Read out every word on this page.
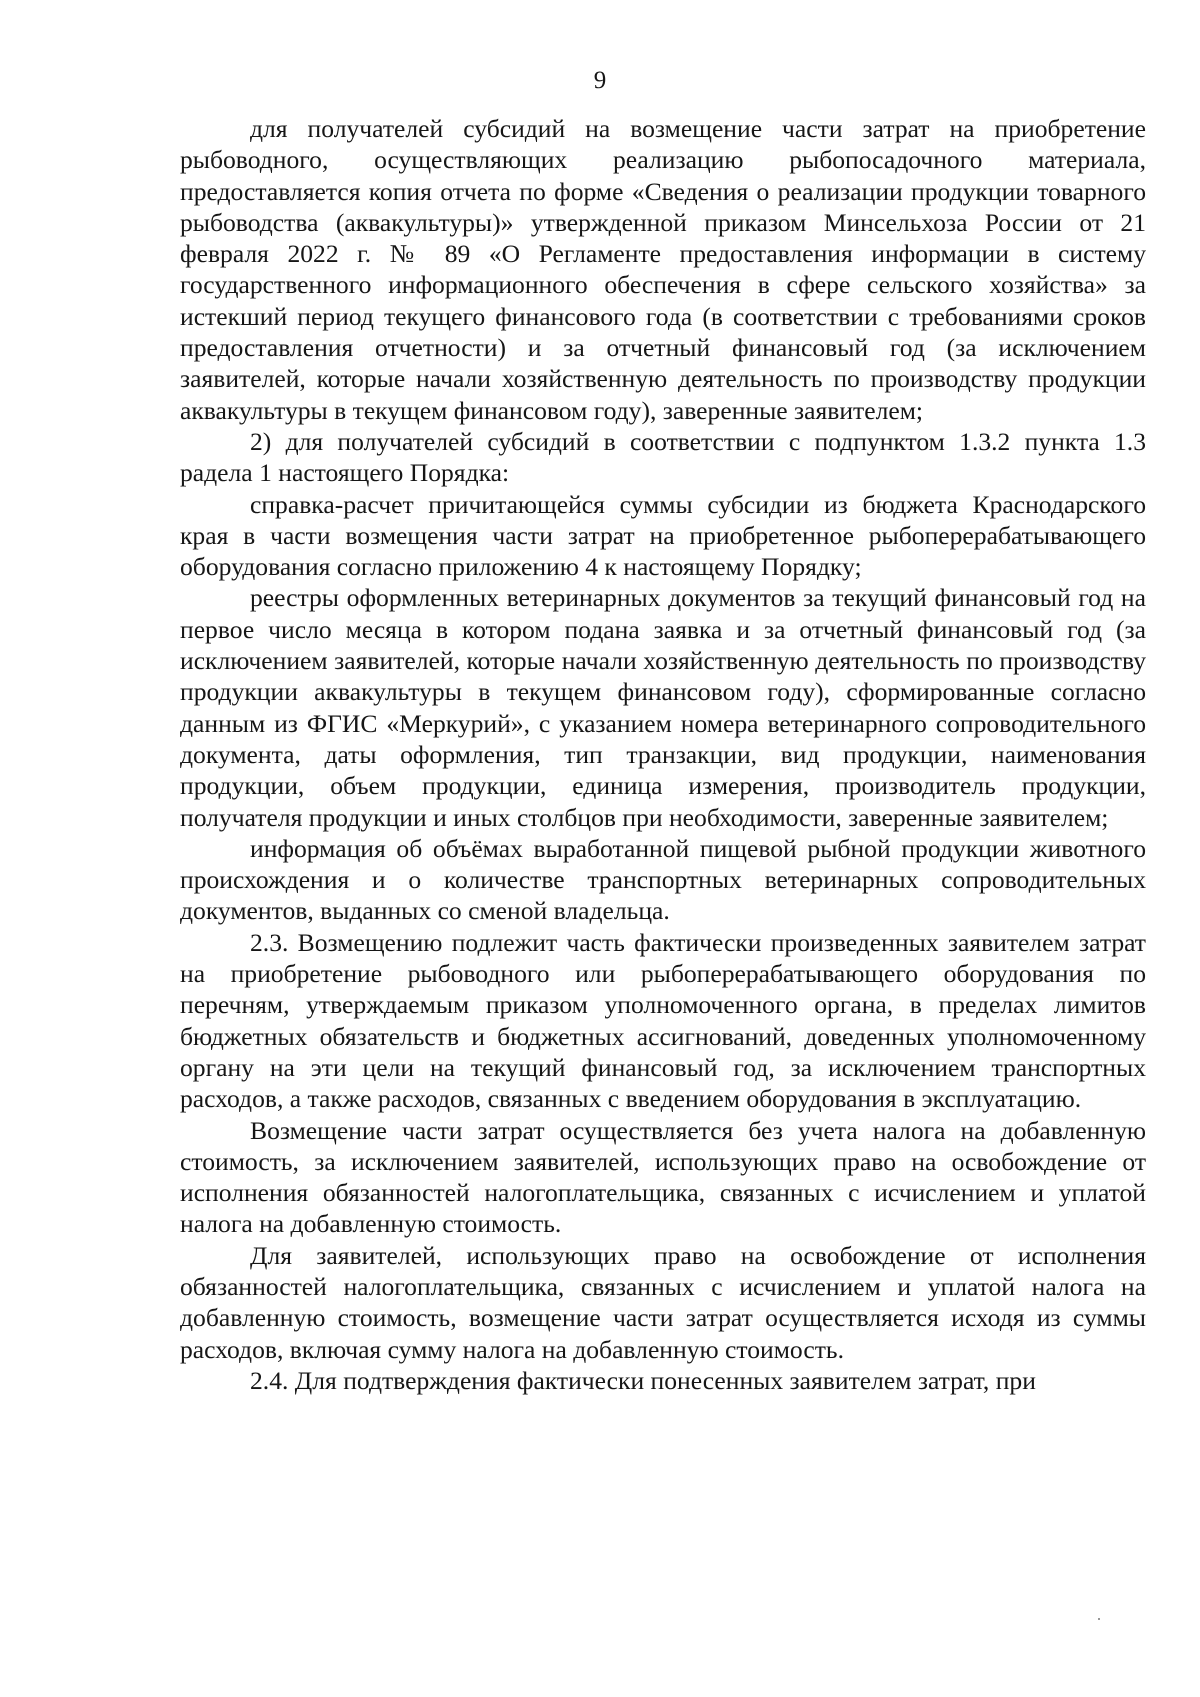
9

для получателей субсидий на возмещение части затрат на приобретение рыбоводного, осуществляющих реализацию рыбопосадочного материала, предоставляется копия отчета по форме «Сведения о реализации продукции товарного рыбоводства (аквакультуры)» утвержденной приказом Минсельхоза России от 21 февраля 2022 г. № 89 «О Регламенте предоставления информации в систему государственного информационного обеспечения в сфере сельского хозяйства» за истекший период текущего финансового года (в соответствии с требованиями сроков предоставления отчетности) и за отчетный финансовый год (за исключением заявителей, которые начали хозяйственную деятельность по производству продукции аквакультуры в текущем финансовом году), заверенные заявителем;

2) для получателей субсидий в соответствии с подпунктом 1.3.2 пункта 1.3 радела 1 настоящего Порядка:

справка-расчет причитающейся суммы субсидии из бюджета Краснодарского края в части возмещения части затрат на приобретенное рыбоперерабатывающего оборудования согласно приложению 4 к настоящему Порядку;

реестры оформленных ветеринарных документов за текущий финансовый год на первое число месяца в котором подана заявка и за отчетный финансовый год (за исключением заявителей, которые начали хозяйственную деятельность по производству продукции аквакультуры в текущем финансовом году), сформированные согласно данным из ФГИС «Меркурий», с указанием номера ветеринарного сопроводительного документа, даты оформления, тип транзакции, вид продукции, наименования продукции, объем продукции, единица измерения, производитель продукции, получателя продукции и иных столбцов при необходимости, заверенные заявителем;

информация об объёмах выработанной пищевой рыбной продукции животного происхождения и о количестве транспортных ветеринарных сопроводительных документов, выданных со сменой владельца.

2.3. Возмещению подлежит часть фактически произведенных заявителем затрат на приобретение рыбоводного или рыбоперерабатывающего оборудования по перечням, утверждаемым приказом уполномоченного органа, в пределах лимитов бюджетных обязательств и бюджетных ассигнований, доведенных уполномоченному органу на эти цели на текущий финансовый год, за исключением транспортных расходов, а также расходов, связанных с введением оборудования в эксплуатацию.

Возмещение части затрат осуществляется без учета налога на добавленную стоимость, за исключением заявителей, использующих право на освобождение от исполнения обязанностей налогоплательщика, связанных с исчислением и уплатой налога на добавленную стоимость.

Для заявителей, использующих право на освобождение от исполнения обязанностей налогоплательщика, связанных с исчислением и уплатой налога на добавленную стоимость, возмещение части затрат осуществляется исходя из суммы расходов, включая сумму налога на добавленную стоимость.

2.4. Для подтверждения фактически понесенных заявителем затрат, при
